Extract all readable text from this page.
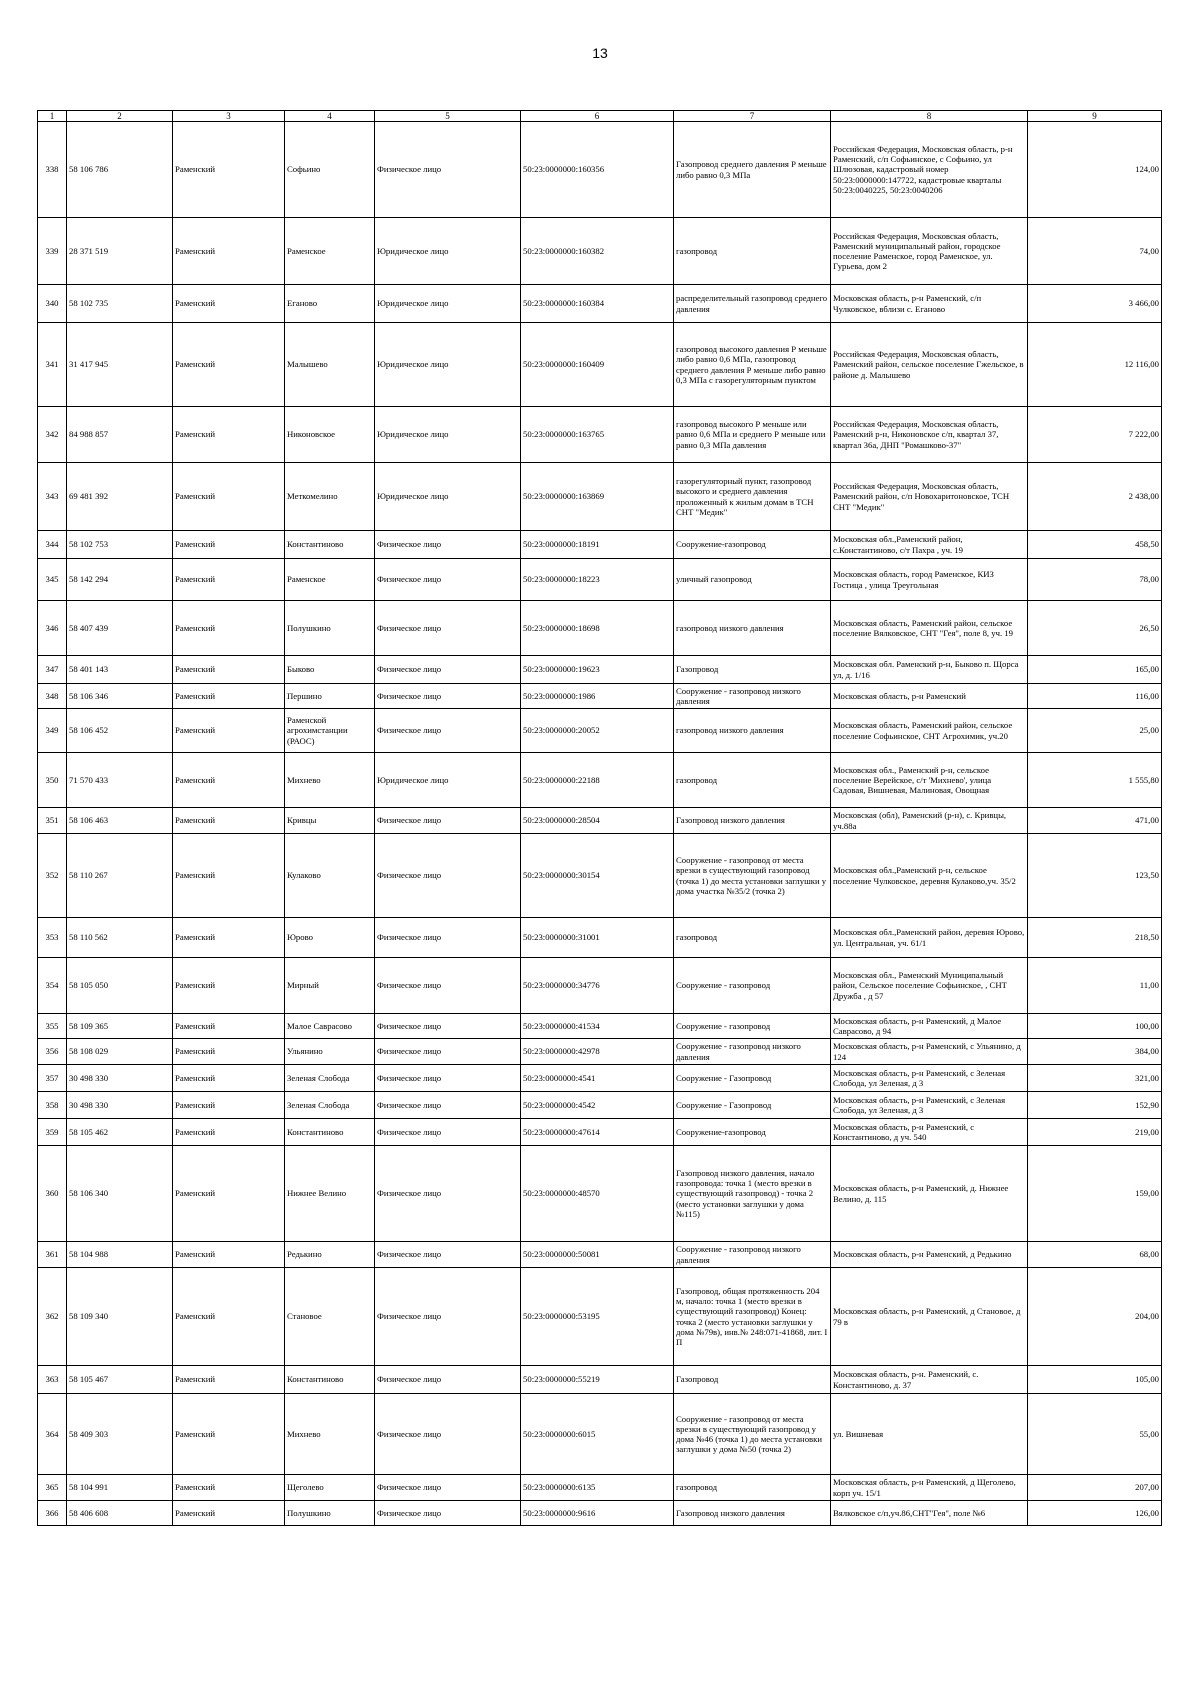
13
1	2	3	4	5	6	7	8	9
338	58 106 786	Раменский	Софьино	Физическое лицо	50:23:0000000:160356	Газопровод среднего давления Р меньше либо равно 0,3 МПа	Российская Федерация, Московская область, р-н Раменский, с/п Софьинское, с Софьино, ул Шлюзовая, кадастровый номер 50:23:0000000:147722, кадастровые кварталы 50:23:0040225, 50:23:0040206	124,00
339	28 371 519	Раменский	Раменское	Юридическое лицо	50:23:0000000:160382	газопровод	Российская Федерация, Московская область, Раменский муниципальный район, городское поселение Раменское, город Раменское, ул. Гурьева, дом 2	74,00
340	58 102 735	Раменский	Еганово	Юридическое лицо	50:23:0000000:160384	распределительный газопровод среднего давления	Московская область, р-н Раменский, с/п Чулковское, вблизи с. Еганово	3 466,00
341	31 417 945	Раменский	Малышево	Юридическое лицо	50:23:0000000:160409	газопровод высокого давления Р меньше либо равно 0,6 МПа, газопровод среднего давления Р меньше либо равно 0,3 МПа с газорегуляторным пунктом	Российская Федерация, Московская область, Раменский район, сельское поселение Гжельское, в районе д. Малышево	12 116,00
342	84 988 857	Раменский	Никоновское	Юридическое лицо	50:23:0000000:163765	газопровод высокого Р меньше или равно 0,6 МПа и среднего Р меньше или равно 0,3 МПа давления	Российская Федерация, Московская область, Раменский р-н, Никоновское с/п, квартал 37, квартал 36а, ДНП "Ромашково-37"	7 222,00
343	69 481 392	Раменский	Меткомелино	Юридическое лицо	50:23:0000000:163869	газорегуляторный пункт, газопровод высокого и среднего давления проложенный к жилым домам в ТСН СНТ "Медик"	Российская Федерация, Московская область, Раменский район, с/п Новохаритоновское, ТСН СНТ "Медик"	2 438,00
344	58 102 753	Раменский	Константиново	Физическое лицо	50:23:0000000:18191	Сооружение-газопровод	Московская обл.,Раменский район, с.Константиново, с/т Пахра , уч. 19	458,50
345	58 142 294	Раменский	Раменское	Физическое лицо	50:23:0000000:18223	уличный газопровод	Московская область, город Раменское, КИЗ Гостица , улица Треугольная	78,00
346	58 407 439	Раменский	Полушкино	Физическое лицо	50:23:0000000:18698	газопровод низкого давления	Московская область, Раменский район, сельское поселение Вялковское, СНТ "Гея", поле 8, уч. 19	26,50
347	58 401 143	Раменский	Быково	Физическое лицо	50:23:0000000:19623	Газопровод	Московская обл. Раменский р-н, Быково п. Щорса ул, д. 1/16	165,00
348	58 106 346	Раменский	Першино	Физическое лицо	50:23:0000000:1986	Сооружение - газопровод низкого давления	Московская область, р-н Раменский	116,00
349	58 106 452	Раменский	Раменской агрохимстанции (РАОС)	Физическое лицо	50:23:0000000:20052	газопровод низкого давления	Московская область, Раменский район, сельское поселение Софьинское, СНТ Агрохимик, уч.20	25,00
350	71 570 433	Раменский	Михнево	Юридическое лицо	50:23:0000000:22188	газопровод	Московская обл., Раменский р-н, сельское поселение Верейское, с/т 'Михнево', улица Садовая, Вишневая, Малиновая, Овощная	1 555,80
351	58 106 463	Раменский	Кривцы	Физическое лицо	50:23:0000000:28504	Газопровод низкого давления	Московская (обл), Раменский (р-н), с. Кривцы, уч.88а	471,00
352	58 110 267	Раменский	Кулаково	Физическое лицо	50:23:0000000:30154	Сооружение - газопровод от места врезки в существующий газопровод (точка 1) до места установки заглушки у дома участка №35/2 (точка 2)	Московская обл.,Раменский р-н, сельское поселение Чулковское, деревня Кулаково,уч. 35/2	123,50
353	58 110 562	Раменский	Юрово	Физическое лицо	50:23:0000000:31001	газопровод	Московская обл.,Раменский район, деревня Юрово, ул. Центральная, уч. 61/1	218,50
354	58 105 050	Раменский	Мирный	Физическое лицо	50:23:0000000:34776	Сооружение - газопровод	Московская обл., Раменский Муниципальный район, Сельское поселение Софьинское, , СНТ Дружба , д 57	11,00
355	58 109 365	Раменский	Малое Саврасово	Физическое лицо	50:23:0000000:41534	Сооружение - газопровод	Московская область, р-н Раменский, д Малое Саврасово, д 94	100,00
356	58 108 029	Раменский	Ульянино	Физическое лицо	50:23:0000000:42978	Сооружение - газопровод низкого давления	Московская область, р-н Раменский, с Ульянино, д 124	384,00
357	30 498 330	Раменский	Зеленая Слобода	Физическое лицо	50:23:0000000:4541	Сооружение - Газопровод	Московская область, р-н Раменский, с Зеленая Слобода, ул Зеленая, д 3	321,00
358	30 498 330	Раменский	Зеленая Слобода	Физическое лицо	50:23:0000000:4542	Сооружение - Газопровод	Московская область, р-н Раменский, с Зеленая Слобода, ул Зеленая, д 3	152,90
359	58 105 462	Раменский	Константиново	Физическое лицо	50:23:0000000:47614	Сооружение-газопровод	Московская область, р-н Раменский, с Константиново, д уч. 540	219,00
360	58 106 340	Раменский	Нижнее Велино	Физическое лицо	50:23:0000000:48570	Газопровод низкого давления, начало газопровода: точка 1 (место врезки в существующий газопровод) - точка 2 (место установки заглушки у дома №115)	Московская область, р-н Раменский, д. Нижнее Велино, д. 115	159,00
361	58 104 988	Раменский	Редькино	Физическое лицо	50:23:0000000:50081	Сооружение - газопровод низкого давления	Московская область, р-н Раменский, д Редькино	68,00
362	58 109 340	Раменский	Становое	Физическое лицо	50:23:0000000:53195	Газопровод, общая протяженность 204 м, начало: точка 1 (место врезки в существующий газопровод) Конец: точка 2 (место установки заглушки у дома №79в), инв.№ 248:071-41868, лит. I П	Московская область, р-н Раменский, д Становое, д 79 в	204,00
363	58 105 467	Раменский	Константиново	Физическое лицо	50:23:0000000:55219	Газопровод	Московская область, р-н. Раменский, с. Константиново, д. 37	105,00
364	58 409 303	Раменский	Михнево	Физическое лицо	50:23:0000000:6015	Сооружение - газопровод от места врезки в существующий газопровод у дома №46 (точка 1) до места установки заглушки у дома №50 (точка 2)	ул. Вишневая	55,00
365	58 104 991	Раменский	Щеголево	Физическое лицо	50:23:0000000:6135	газопровод	Московская область, р-н Раменский, д Щеголево, корп уч. 15/1	207,00
366	58 406 608	Раменский	Полушкино	Физическое лицо	50:23:0000000:9616	Газопровод низкого давления	Вялковское с/п,уч.86,СНТ"Гея", поле №6	126,00
